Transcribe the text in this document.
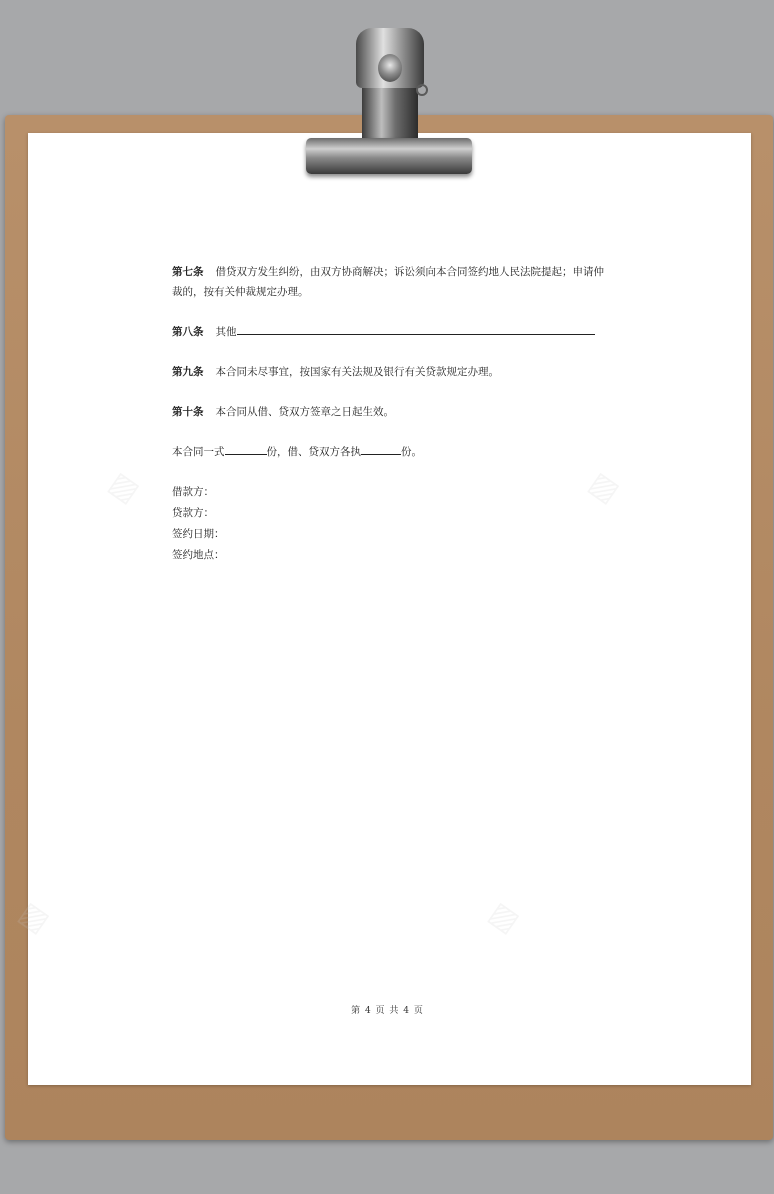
▨	▨
▨	▨
第七条 借贷双方发生纠纷，由双方协商解决；诉讼须向本合同签约地人民法院提起；申请仲
裁的，按有关仲裁规定办理。
第八条 其他
第九条 本合同未尽事宜，按国家有关法规及银行有关贷款规定办理。
第十条 本合同从借、贷双方签章之日起生效。
本合同一式	份，借、贷双方各执	份。
借款方：
贷款方：
签约日期：
签约地点：
第 4 页 共 4 页
